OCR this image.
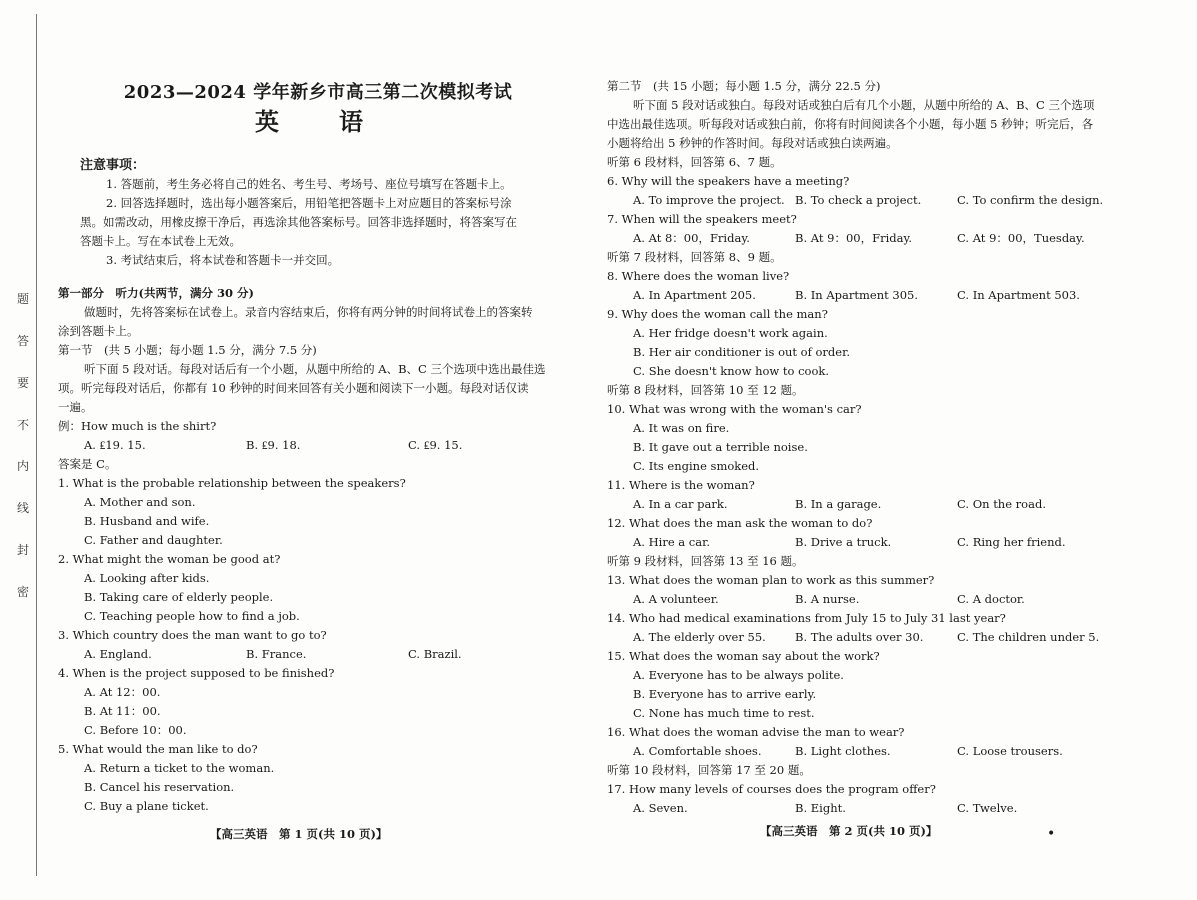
题
答
要
不
内
线
封
密
2023—2024 学年新乡市高三第二次模拟考试
英　语
注意事项：

1. 答题前，考生务必将自己的姓名、考生号、考场号、座位号填写在答题卡上。

2. 回答选择题时，选出每小题答案后，用铅笔把答题卡上对应题目的答案标号涂

黑。如需改动，用橡皮擦干净后，再选涂其他答案标号。回答非选择题时，将答案写在

答题卡上。写在本试卷上无效。

3. 考试结束后，将本试卷和答题卡一并交回。

第一部分　听力(共两节，满分 30 分)

做题时，先将答案标在试卷上。录音内容结束后，你将有两分钟的时间将试卷上的答案转

涂到答题卡上。

第一节　(共 5 小题；每小题 1.5 分，满分 7.5 分)

听下面 5 段对话。每段对话后有一个小题，从题中所给的 A、B、C 三个选项中选出最佳选

项。听完每段对话后，你都有 10 秒钟的时间来回答有关小题和阅读下一小题。每段对话仅读

一遍。

例：How much is the shirt?

A. ₤19. 15.	B. ₤9. 18.	C. ₤9. 15.

答案是 C。

1. What is the probable relationship between the speakers?

A. Mother and son.

B. Husband and wife.

C. Father and daughter.

2. What might the woman be good at?

A. Looking after kids.

B. Taking care of elderly people.

C. Teaching people how to find a job.

3. Which country does the man want to go to?

A. England.	B. France.	C. Brazil.

4. When is the project supposed to be finished?

A. At 12：00.

B. At 11：00.

C. Before 10：00.

5. What would the man like to do?

A. Return a ticket to the woman.

B. Cancel his reservation.

C. Buy a plane ticket.

第二节　(共 15 小题；每小题 1.5 分，满分 22.5 分)

听下面 5 段对话或独白。每段对话或独白后有几个小题，从题中所给的 A、B、C 三个选项

中选出最佳选项。听每段对话或独白前，你将有时间阅读各个小题，每小题 5 秒钟；听完后，各

小题将给出 5 秒钟的作答时间。每段对话或独白读两遍。

听第 6 段材料，回答第 6、7 题。

6. Why will the speakers have a meeting?

A. To improve the project. B. To check a project.	C. To confirm the design.

7. When will the speakers meet?

A. At 8：00，Friday.	B. At 9：00，Friday.	C. At 9：00，Tuesday.

听第 7 段材料，回答第 8、9 题。

8. Where does the woman live?

A. In Apartment 205.	B. In Apartment 305.	C. In Apartment 503.

9. Why does the woman call the man?

A. Her fridge doesn't work again.

B. Her air conditioner is out of order.

C. She doesn't know how to cook.

听第 8 段材料，回答第 10 至 12 题。

10. What was wrong with the woman's car?

A. It was on fire.

B. It gave out a terrible noise.

C. Its engine smoked.

11. Where is the woman?

A. In a car park.	B. In a garage.	C. On the road.

12. What does the man ask the woman to do?

A. Hire a car.	B. Drive a truck.	C. Ring her friend.

听第 9 段材料，回答第 13 至 16 题。

13. What does the woman plan to work as this summer?

A. A volunteer.	B. A nurse.	C. A doctor.

14. Who had medical examinations from July 15 to July 31 last year?

A. The elderly over 55.	B. The adults over 30.	C. The children under 5.

15. What does the woman say about the work?

A. Everyone has to be always polite.

B. Everyone has to arrive early.

C. None has much time to rest.

16. What does the woman advise the man to wear?

A. Comfortable shoes.	B. Light clothes.	C. Loose trousers.

听第 10 段材料，回答第 17 至 20 题。

17. How many levels of courses does the program offer?

A. Seven.	B. Eight.	C. Twelve.
【高三英语　第 1 页(共 10 页)】	【高三英语　第 2 页(共 10 页)】	•
